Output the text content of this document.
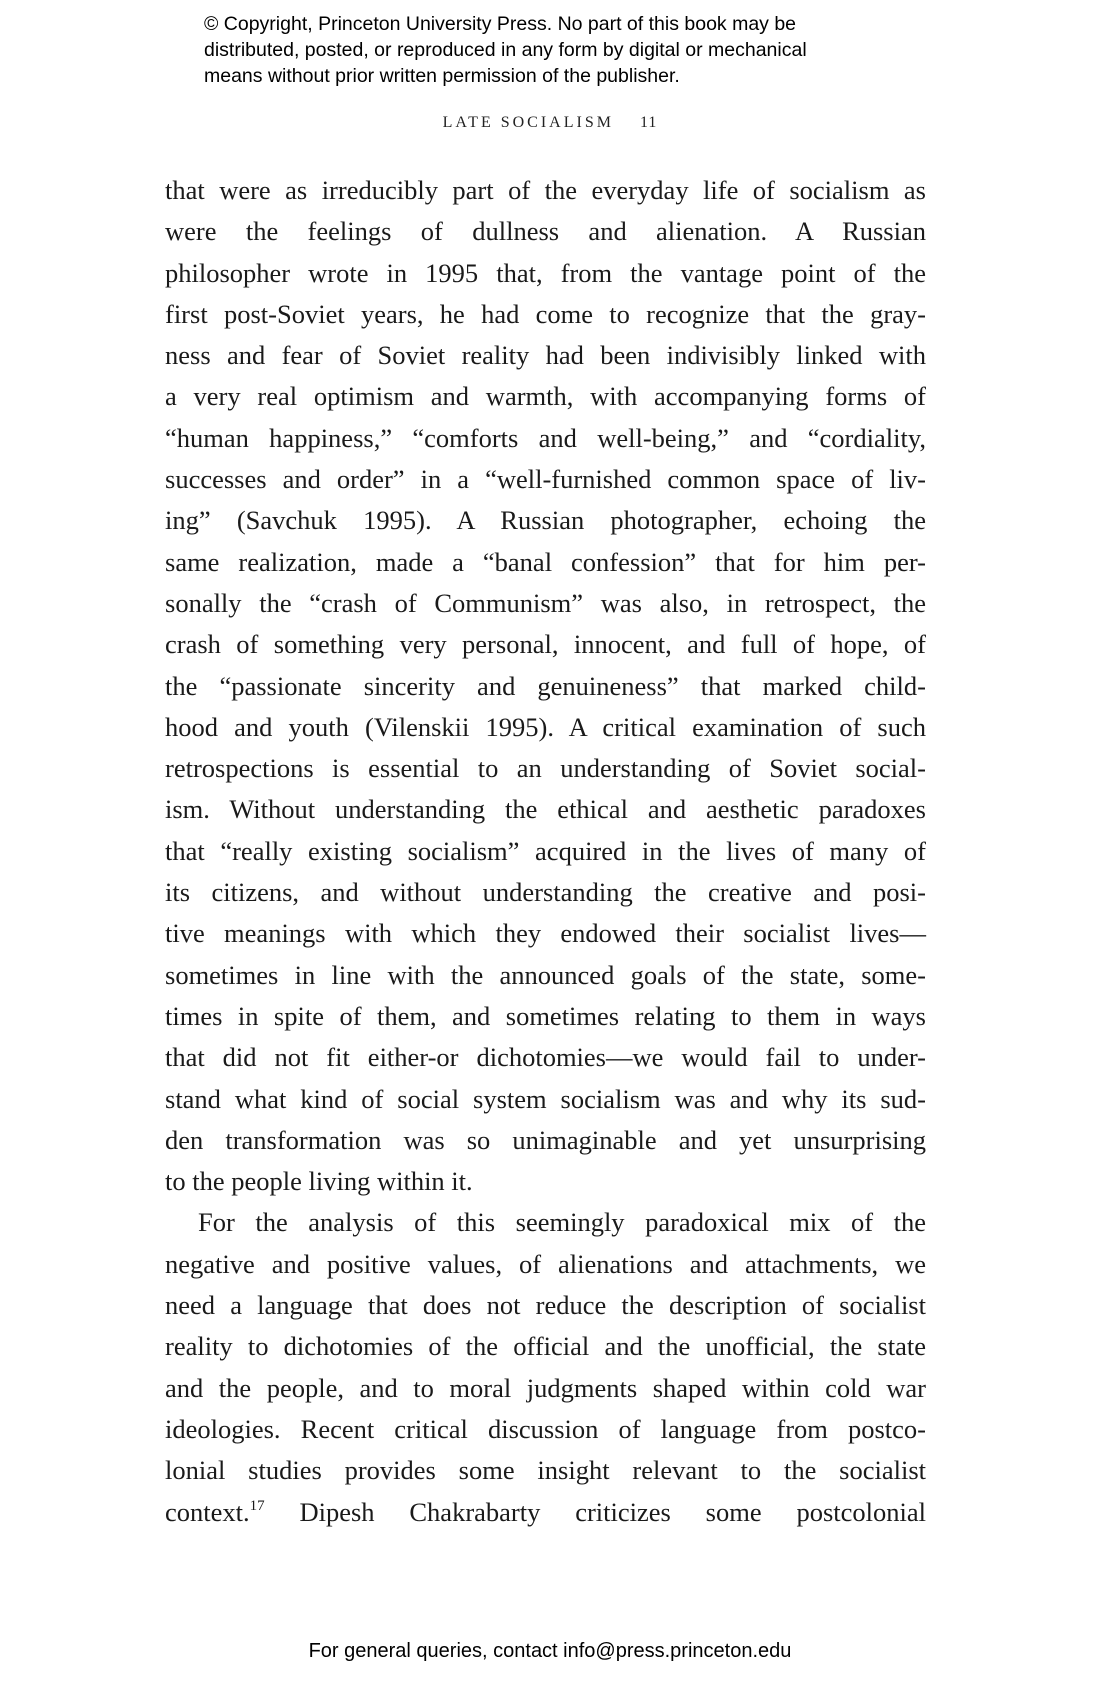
© Copyright, Princeton University Press. No part of this book may be
distributed, posted, or reproduced in any form by digital or mechanical
means without prior written permission of the publisher.
LATE SOCIALISM 11
that were as irreducibly part of the everyday life of socialism as
were the feelings of dullness and alienation. A Russian
philosopher wrote in 1995 that, from the vantage point of the
first post-Soviet years, he had come to recognize that the gray-
ness and fear of Soviet reality had been indivisibly linked with
a very real optimism and warmth, with accompanying forms of
“human happiness,” “comforts and well-being,” and “cordiality,
successes and order” in a “well-furnished common space of liv-
ing” (Savchuk 1995). A Russian photographer, echoing the
same realization, made a “banal confession” that for him per-
sonally the “crash of Communism” was also, in retrospect, the
crash of something very personal, innocent, and full of hope, of
the “passionate sincerity and genuineness” that marked child-
hood and youth (Vilenskii 1995). A critical examination of such
retrospections is essential to an understanding of Soviet social-
ism. Without understanding the ethical and aesthetic paradoxes
that “really existing socialism” acquired in the lives of many of
its citizens, and without understanding the creative and posi-
tive meanings with which they endowed their socialist lives—
sometimes in line with the announced goals of the state, some-
times in spite of them, and sometimes relating to them in ways
that did not fit either-or dichotomies—we would fail to under-
stand what kind of social system socialism was and why its sud-
den transformation was so unimaginable and yet unsurprising
to the people living within it.
For the analysis of this seemingly paradoxical mix of the
negative and positive values, of alienations and attachments, we
need a language that does not reduce the description of socialist
reality to dichotomies of the official and the unofficial, the state
and the people, and to moral judgments shaped within cold war
ideologies. Recent critical discussion of language from postco-
lonial studies provides some insight relevant to the socialist
context.$^{17}$ Dipesh Chakrabarty criticizes some postcolonial
For general queries, contact info@press.princeton.edu
